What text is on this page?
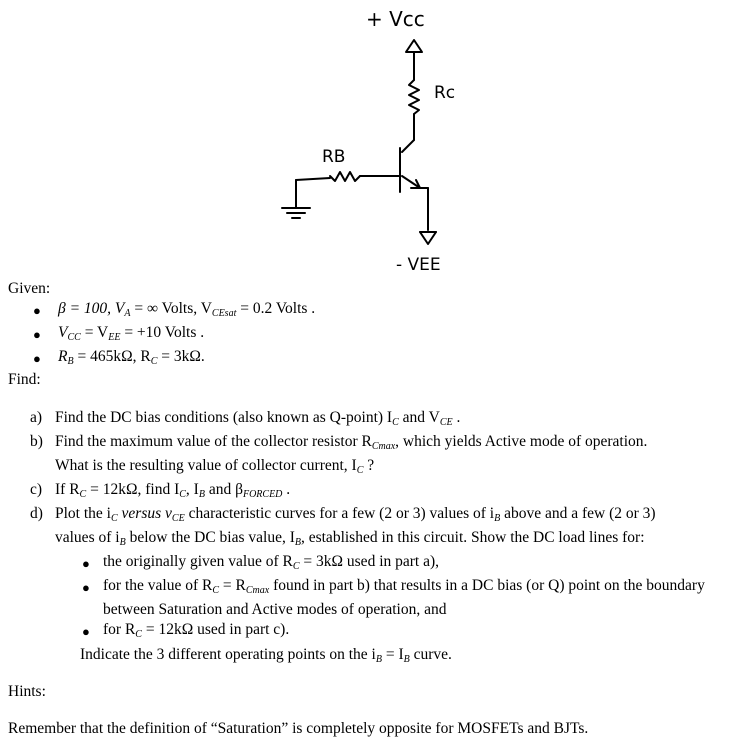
+ Vcc
Rc
RB
- VEE
Given:
● β = 100, $V_A$ = ∞ Volts, $V_{CEsat} = 0.2$ Volts .
● $V_{CC} = V_{EE} = +10$ Volts .
● $R_B = 465k\Omega$, $R_C = 3k\Omega$.
Find:
a) Find the DC bias conditions (also known as Q-point) $I_C$ and $V_{CE}$ .
b) Find the maximum value of the collector resistor $R_{Cmax}$, which yields Active mode of operation.
What is the resulting value of collector current, $I_C$ ?
c) If $R_C = 12k\Omega$, find $I_C$, $I_B$ and $\beta_{FORCED}$ .
d) Plot the $i_C$ versus $v_{CE}$ characteristic curves for a few (2 or 3) values of $i_B$ above and a few (2 or 3)
values of $i_B$ below the DC bias value, $I_B$, established in this circuit. Show the DC load lines for:
● the originally given value of $R_C = 3k\Omega$ used in part a),
● for the value of $R_C = R_{Cmax}$ found in part b) that results in a DC bias (or Q) point on the boundary
between Saturation and Active modes of operation, and
● for $R_C = 12k\Omega$ used in part c).
Indicate the 3 different operating points on the $i_B = I_B$ curve.
Hints:
Remember that the definition of “Saturation” is completely opposite for MOSFETs and BJTs.
